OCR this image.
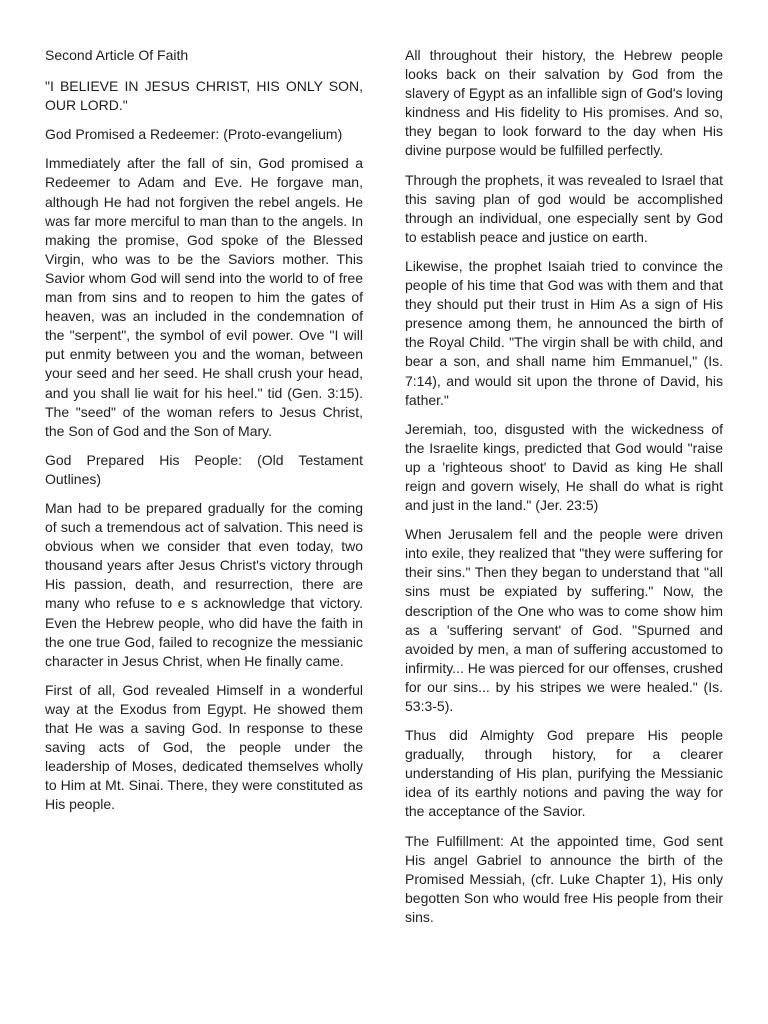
Second Article Of Faith

"I BELIEVE IN JESUS CHRIST, HIS ONLY SON, OUR LORD."

God Promised a Redeemer: (Proto-evangelium)

Immediately after the fall of sin, God promised a Redeemer to Adam and Eve. He forgave man, although He had not forgiven the rebel angels. He was far more merciful to man than to the angels. In making the promise, God spoke of the Blessed Virgin, who was to be the Saviors mother. This Savior whom God will send into the world to of free man from sins and to reopen to him the gates of heaven, was an included in the condemnation of the "serpent", the symbol of evil power. Ove "I will put enmity between you and the woman, between your seed and her seed. He shall crush your head, and you shall lie wait for his heel." tid (Gen. 3:15). The "seed" of the woman refers to Jesus Christ, the Son of God and the Son of Mary.

God Prepared His People: (Old Testament Outlines)

Man had to be prepared gradually for the coming of such a tremendous act of salvation. This need is obvious when we consider that even today, two thousand years after Jesus Christ's victory through His passion, death, and resurrection, there are many who refuse to e s acknowledge that victory. Even the Hebrew people, who did have the faith in the one true God, failed to recognize the messianic character in Jesus Christ, when He finally came.

First of all, God revealed Himself in a wonderful way at the Exodus from Egypt. He showed them that He was a saving God. In response to these saving acts of God, the people under the leadership of Moses, dedicated themselves wholly to Him at Mt. Sinai. There, they were constituted as His people.

All throughout their history, the Hebrew people looks back on their salvation by God from the slavery of Egypt as an infallible sign of God's loving kindness and His fidelity to His promises. And so, they began to look forward to the day when His divine purpose would be fulfilled perfectly.

Through the prophets, it was revealed to Israel that this saving plan of god would be accomplished through an individual, one especially sent by God to establish peace and justice on earth.

Likewise, the prophet Isaiah tried to convince the people of his time that God was with them and that they should put their trust in Him As a sign of His presence among them, he announced the birth of the Royal Child. "The virgin shall be with child, and bear a son, and shall name him Emmanuel," (Is. 7:14), and would sit upon the throne of David, his father."

Jeremiah, too, disgusted with the wickedness of the Israelite kings, predicted that God would "raise up a 'righteous shoot' to David as king He shall reign and govern wisely, He shall do what is right and just in the land." (Jer. 23:5)

When Jerusalem fell and the people were driven into exile, they realized that "they were suffering for their sins." Then they began to understand that "all sins must be expiated by suffering." Now, the description of the One who was to come show him as a 'suffering servant' of God. "Spurned and avoided by men, a man of suffering accustomed to infirmity... He was pierced for our offenses, crushed for our sins... by his stripes we were healed." (Is. 53:3-5).

Thus did Almighty God prepare His people gradually, through history, for a clearer understanding of His plan, purifying the Messianic idea of its earthly notions and paving the way for the acceptance of the Savior.

The Fulfillment: At the appointed time, God sent His angel Gabriel to announce the birth of the Promised Messiah, (cfr. Luke Chapter 1), His only begotten Son who would free His people from their sins.
